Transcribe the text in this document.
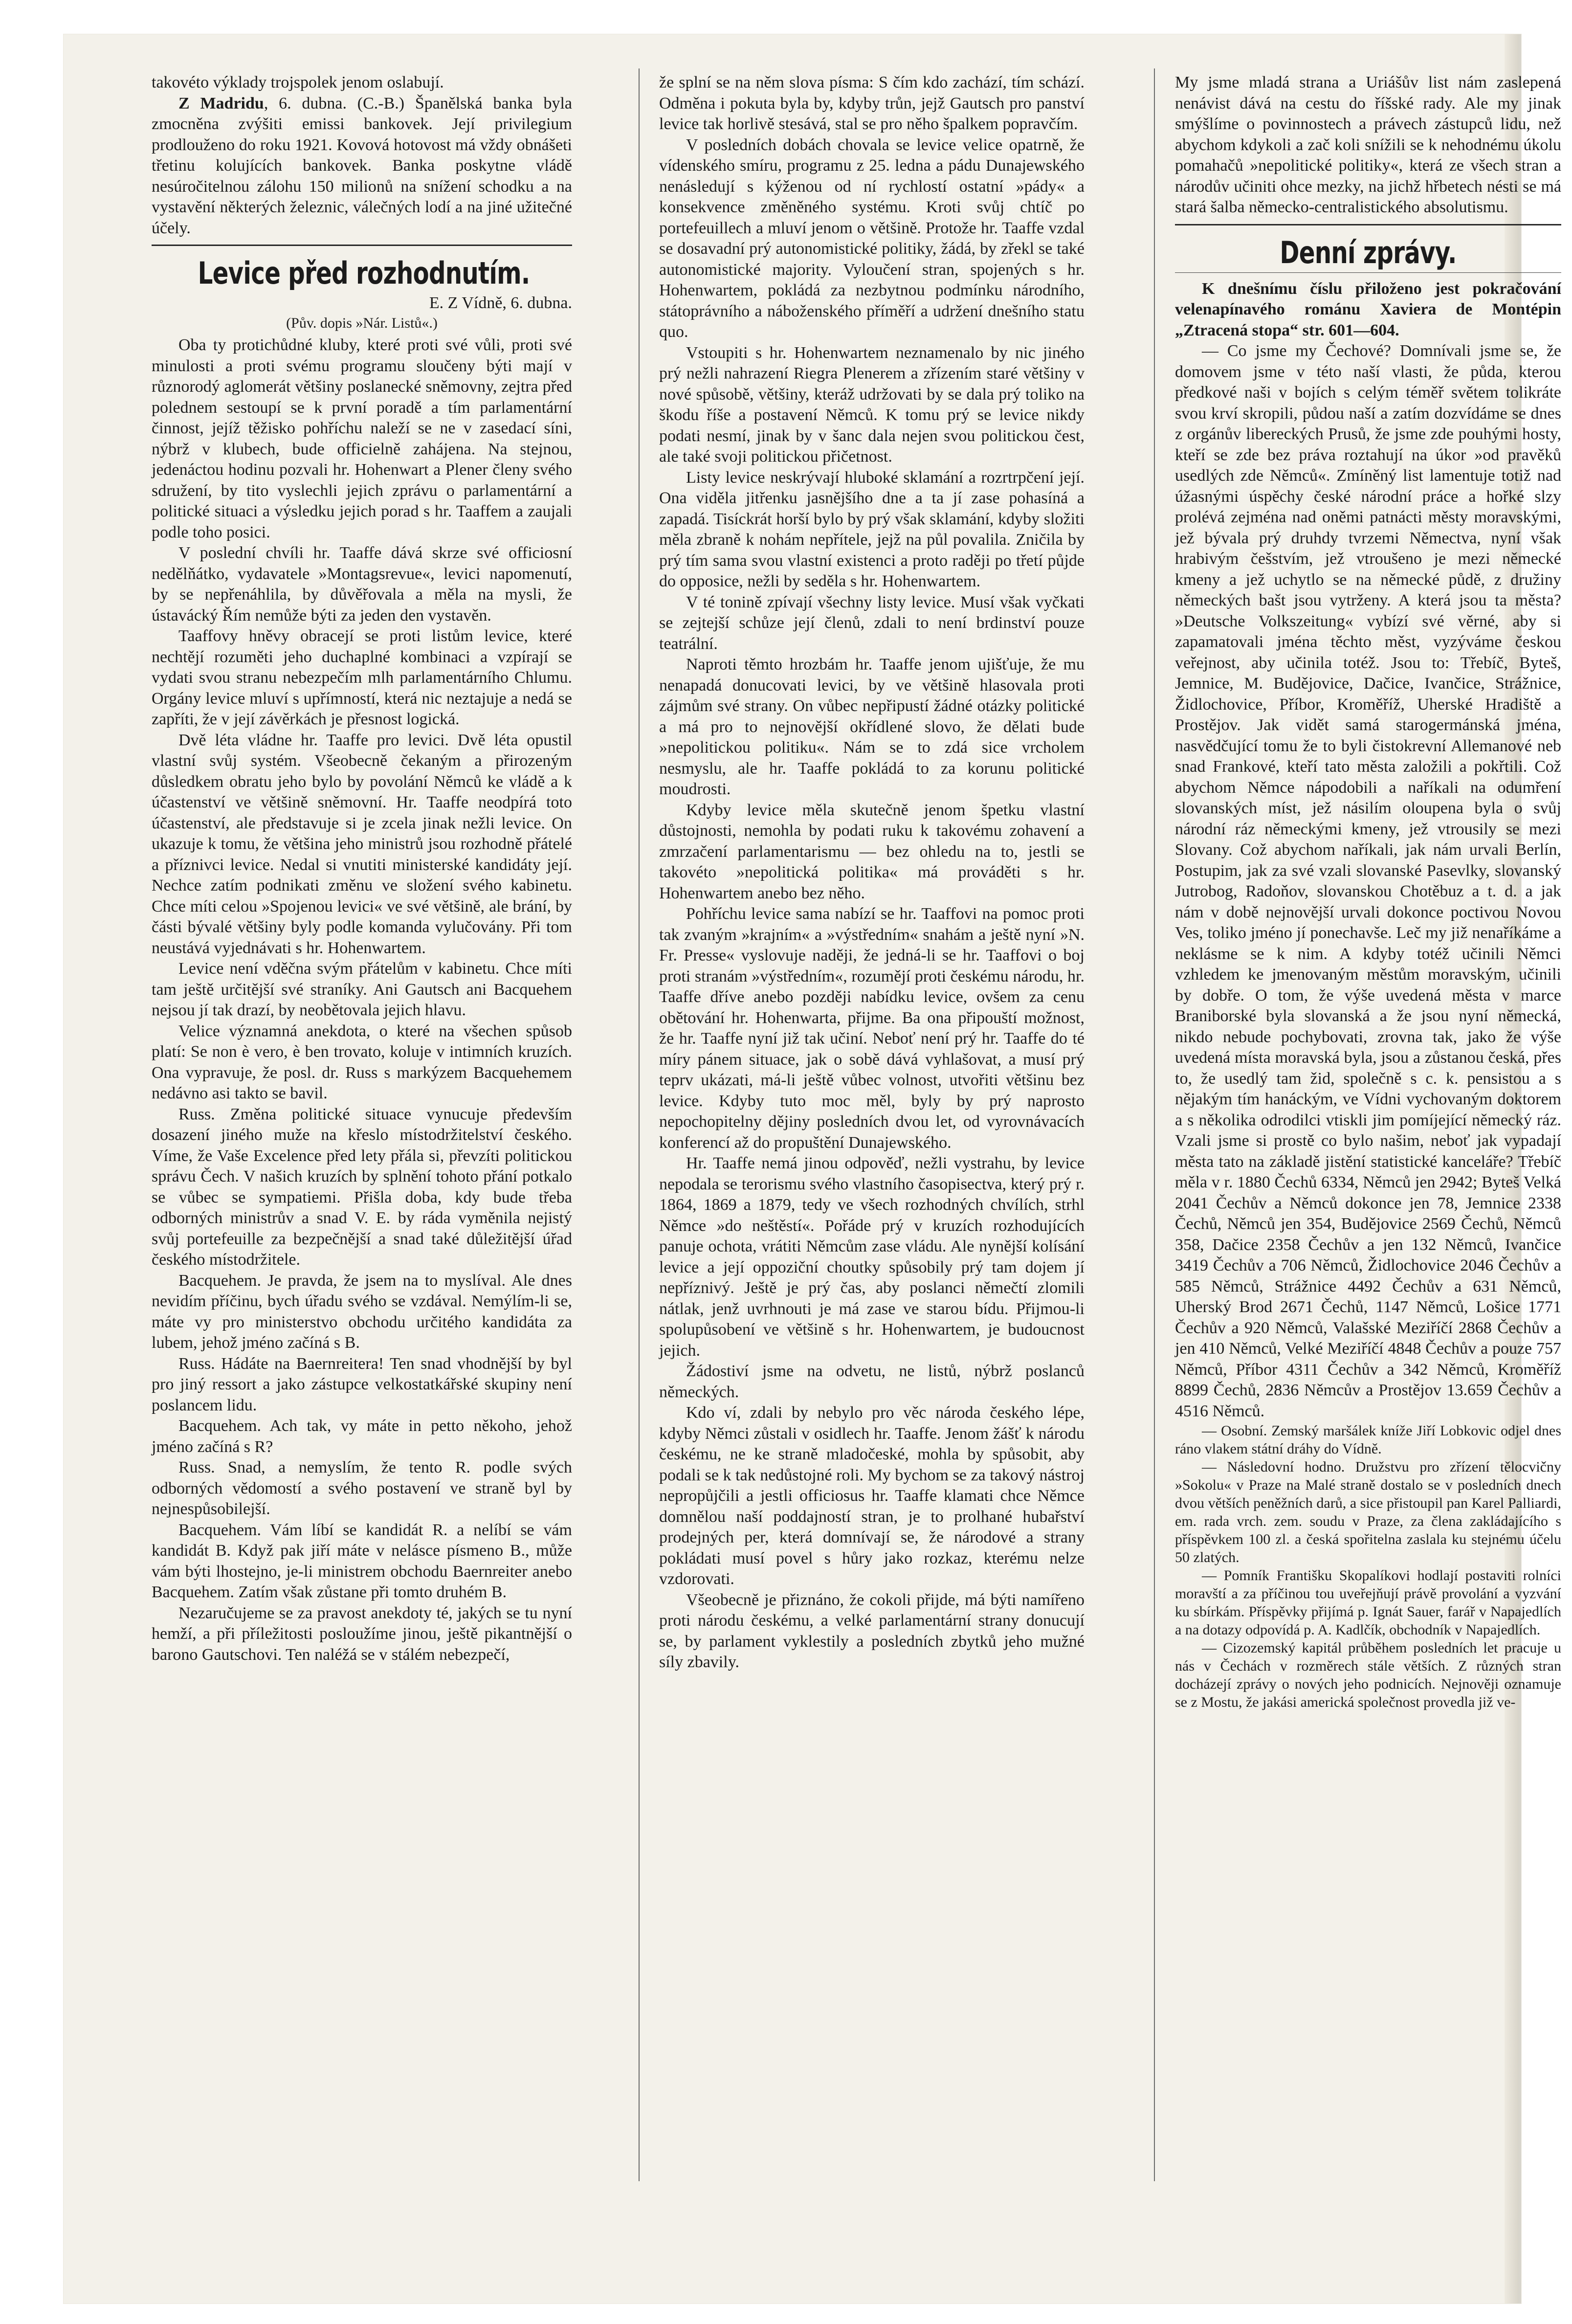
takovéto výklady trojspolek jenom oslabují.

Z Madridu, 6. dubna. (C.-B.) Španělská banka byla zmocněna zvýšiti emissi bankovek. Její privilegium prodlouženo do roku 1921. Kovová hotovost má vždy obnášeti třetinu kolujících bankovek. Banka poskytne vládě nesúročitelnou zálohu 150 milionů na snížení schodku a na vystavění některých železnic, válečných lodí a na jiné užitečné účely.

Levice před rozhodnutím.
E. Z Vídně, 6. dubna.
(Pův. dopis »Nár. Listů«.)

Oba ty protichůdné kluby, které proti své vůli, proti své minulosti a proti svému programu sloučeny býti mají v různorodý aglomerát většiny poslanecké sněmovny, zejtra před polednem sestoupí se k první poradě a tím parlamentární činnost, jejíž těžisko pohříchu naleží se ne v zasedací síni, nýbrž v klubech, bude officielně zahájena. Na stejnou, jedenáctou hodinu pozvali hr. Hohenwart a Plener členy svého sdružení, by tito vyslechli jejich zprávu o parlamentární a politické situaci a výsledku jejich porad s hr. Taaffem a zaujali podle toho posici.

V poslední chvíli hr. Taaffe dává skrze své officiosní nedělňátko, vydavatele »Montagsrevue«, levici napomenutí, by se nepřenáhlila, by důvěřovala a měla na mysli, že ústavácký Řím nemůže býti za jeden den vystavěn.

Taaffovy hněvy obracejí se proti listům levice, které nechtějí rozuměti jeho duchaplné kombinaci a vzpírají se vydati svou stranu nebezpečím mlh parlamentárního Chlumu. Orgány levice mluví s upřímností, která nic neztajuje a nedá se zapříti, že v její závěrkách je přesnost logická.

Dvě léta vládne hr. Taaffe pro levici. Dvě léta opustil vlastní svůj systém. Všeobecně čekaným a přirozeným důsledkem obratu jeho bylo by povolání Němců ke vládě a k účastenství ve většině sněmovní. Hr. Taaffe neodpírá toto účastenství, ale představuje si je zcela jinak nežli levice. On ukazuje k tomu, že většina jeho ministrů jsou rozhodně přátelé a příznivci levice. Nedal si vnutiti ministerské kandidáty její. Nechce zatím podnikati změnu ve složení svého kabinetu. Chce míti celou »Spojenou levici« ve své většině, ale brání, by části bývalé většiny byly podle komanda vylučovány. Při tom neustává vyjednávati s hr. Hohenwartem.

Levice není vděčna svým přátelům v kabinetu. Chce míti tam ještě určitější své straníky. Ani Gautsch ani Bacquehem nejsou jí tak drazí, by neobětovala jejich hlavu.

Velice významná anekdota, o které na všechen spůsob platí: Se non è vero, è ben trovato, koluje v intimních kruzích. Ona vypravuje, že posl. dr. Russ s markýzem Bacquehemem nedávno asi takto se bavil.

Russ. Změna politické situace vynucuje především dosazení jiného muže na křeslo místodržitelství českého. Víme, že Vaše Excelence před lety přála si, převzíti politickou správu Čech. V našich kruzích by splnění tohoto přání potkalo se vůbec se sympatiemi. Přišla doba, kdy bude třeba odborných ministrův a snad V. E. by ráda vyměnila nejistý svůj portefeuille za bezpečnější a snad také důležitější úřad českého místodržitele.

Bacquehem. Je pravda, že jsem na to myslíval. Ale dnes nevidím příčinu, bych úřadu svého se vzdával. Nemýlím-li se, máte vy pro ministerstvo obchodu určitého kandidáta za lubem, jehož jméno začíná s B.

Russ. Hádáte na Baernreitera! Ten snad vhodnější by byl pro jiný ressort a jako zástupce velkostatkářské skupiny není poslancem lidu.

Bacquehem. Ach tak, vy máte in petto někoho, jehož jméno začíná s R?

Russ. Snad, a nemyslím, že tento R. podle svých odborných vědomostí a svého postavení ve straně byl by nejnespůsobilejší.

Bacquehem. Vám líbí se kandidát R. a nelíbí se vám kandidát B. Když pak jiří máte v nelásce písmeno B., může vám býti lhostejno, je-li ministrem obchodu Baernreiter anebo Bacquehem. Zatím však zůstane při tomto druhém B.

Nezaručujeme se za pravost anekdoty té, jakých se tu nyní hemží, a při příležitosti posloužíme jinou, ještě pikantnější o barono Gautschovi. Ten naléžá se v stálém nebezpečí,

že splní se na něm slova písma: S čím kdo zachází, tím schází. Odměna i pokuta byla by, kdyby trůn, jejž Gautsch pro panství levice tak horlivě stesává, stal se pro něho špalkem popravčím.

V posledních dobách chovala se levice velice opatrně, že vídenského smíru, programu z 25. ledna a pádu Dunajewského nenásledují s kýženou od ní rychlostí ostatní »pády« a konsekvence změněného systému. Kroti svůj chtíč po portefeuillech a mluví jenom o většině. Protože hr. Taaffe vzdal se dosavadní prý autonomistické politiky, žádá, by zřekl se také autonomistické majority. Vyloučení stran, spojených s hr. Hohenwartem, pokládá za nezbytnou podmínku národního, státoprávního a náboženského příměří a udržení dnešního statu quo.

Vstoupiti s hr. Hohenwartem neznamenalo by nic jiného prý nežli nahrazení Riegra Plenerem a zřízením staré většiny v nové spůsobě, většiny, kteráž udržovati by se dala prý toliko na škodu říše a postavení Němců. K tomu prý se levice nikdy podati nesmí, jinak by v šanc dala nejen svou politickou čest, ale také svoji politickou přičetnost.

Listy levice neskrývají hluboké sklamání a rozrtrpčení její. Ona viděla jitřenku jasnějšího dne a ta jí zase pohasíná a zapadá. Tisíckrát horší bylo by prý však sklamání, kdyby složiti měla zbraně k nohám nepřítele, jejž na půl povalila. Zničila by prý tím sama svou vlastní existenci a proto raději po třetí půjde do opposice, nežli by seděla s hr. Hohenwartem.

V té tonině zpívají všechny listy levice. Musí však vyčkati se zejtejší schůze její členů, zdali to není brdinství pouze teatrální.

Naproti těmto hrozbám hr. Taaffe jenom ujišťuje, že mu nenapadá donucovati levici, by ve většině hlasovala proti zájmům své strany. On vůbec nepřipustí žádné otázky politické a má pro to nejnovější okřídlené slovo, že dělati bude »nepolitickou politiku«. Nám se to zdá sice vrcholem nesmyslu, ale hr. Taaffe pokládá to za korunu politické moudrosti.

Kdyby levice měla skutečně jenom špetku vlastní důstojnosti, nemohla by podati ruku k takovému zohavení a zmrzačení parlamentarismu — bez ohledu na to, jestli se takovéto »nepolitická politika« má prováděti s hr. Hohenwartem anebo bez něho.

Pohříchu levice sama nabízí se hr. Taaffovi na pomoc proti tak zvaným »krajním« a »výstředním« snahám a ještě nyní »N. Fr. Presse« vyslovuje naději, že jedná-li se hr. Taaffovi o boj proti stranám »výstředním«, rozumějí proti českému národu, hr. Taaffe dříve anebo později nabídku levice, ovšem za cenu obětování hr. Hohenwarta, přijme. Ba ona připouští možnost, že hr. Taaffe nyní již tak učiní. Neboť není prý hr. Taaffe do té míry pánem situace, jak o sobě dává vyhlašovat, a musí prý teprv ukázati, má-li ještě vůbec volnost, utvořiti většinu bez levice. Kdyby tuto moc měl, byly by prý naprosto nepochopitelny dějiny posledních dvou let, od vyrovnávacích konferencí až do propuštění Dunajewského.

Hr. Taaffe nemá jinou odpověď, nežli vystrahu, by levice nepodala se terorismu svého vlastního časopisectva, který prý r. 1864, 1869 a 1879, tedy ve všech rozhodných chvílích, strhl Němce »do neštěstí«. Pořáde prý v kruzích rozhodujících panuje ochota, vrátiti Němcům zase vládu. Ale nynější kolísání levice a její oppoziční choutky spůsobily prý tam dojem jí nepříznivý. Ještě je prý čas, aby poslanci němečtí zlomili nátlak, jenž uvrhnouti je má zase ve starou bídu. Přijmou-li spolupůsobení ve většině s hr. Hohenwartem, je budoucnost jejich.

Žádostiví jsme na odvetu, ne listů, nýbrž poslanců německých.

Kdo ví, zdali by nebylo pro věc národa českého lépe, kdyby Němci zůstali v osidlech hr. Taaffe. Jenom žášť k národu českému, ne ke straně mladočeské, mohla by spůsobit, aby podali se k tak nedůstojné roli. My bychom se za takový nástroj nepropůjčili a jestli officiosus hr. Taaffe klamati chce Němce domnělou naší poddajností stran, je to prolhané hubařství prodejných per, která domnívají se, že národové a strany pokládati musí povel s hůry jako rozkaz, kterému nelze vzdorovati.

Všeobecně je přiznáno, že cokoli přijde, má býti namířeno proti národu českému, a velké parlamentární strany donucují se, by parlament vyklestily a posledních zbytků jeho mužné síly zbavily.

My jsme mladá strana a Uriášův list nám zaslepená nenávist dává na cestu do říšské rady. Ale my jinak smýšlíme o povinnostech a právech zástupců lidu, než abychom kdykoli a zač koli snížili se k nehodnému úkolu pomahačů »nepolitické politiky«, která ze všech stran a národův učiniti ohce mezky, na jichž hřbetech nésti se má stará šalba německo-centralistického absolutismu.

Denní zprávy.

K dnešnímu číslu přiloženo jest pokračování velenapínavého románu Xaviera de Montépin „Ztracená stopa“ str. 601—604.

— Co jsme my Čechové? Domnívali jsme se, že domovem jsme v této naší vlasti, že půda, kterou předkové naši v bojích s celým téměř světem tolikráte svou krví skropili, půdou naší a zatím dozvídáme se dnes z orgánův libereckých Prusů, že jsme zde pouhými hosty, kteří se zde bez práva roztahují na úkor »od pravěků usedlých zde Němců«. Zmíněný list lamentuje totiž nad úžasnými úspěchy české národní práce a hořké slzy prolévá zejména nad oněmi patnácti městy moravskými, jež bývala prý druhdy tvrzemi Němectva, nyní však hrabivým češstvím, jež vtroušeno je mezi německé kmeny a jež uchytlo se na německé půdě, z družiny německých bašt jsou vytrženy. A která jsou ta města? »Deutsche Volkszeitung« vybízí své věrné, aby si zapamatovali jména těchto měst, vyzýváme českou veřejnost, aby učinila totéž. Jsou to: Třebíč, Byteš, Jemnice, M. Budějovice, Dačice, Ivančice, Strážnice, Židlochovice, Příbor, Kroměříž, Uherské Hradiště a Prostějov. Jak vidět samá starogermánská jména, nasvědčující tomu že to byli čistokrevní Allemanové neb snad Frankové, kteří tato města založili a pokřtili. Což abychom Němce nápodobili a naříkali na odumření slovanských míst, jež násilím oloupena byla o svůj národní ráz německými kmeny, jež vtrousily se mezi Slovany. Což abychom naříkali, jak nám urvali Berlín, Postupim, jak za své vzali slovanské Pasevlky, slovanský Jutrobog, Radoňov, slovanskou Chotěbuz a t. d. a jak nám v době nejnovější urvali dokonce poctivou Novou Ves, toliko jméno jí ponechavše. Leč my již nenaříkáme a neklásme se k nim. A kdyby totéž učinili Němci vzhledem ke jmenovaným městům moravským, učinili by dobře. O tom, že výše uvedená města v marce Braniborské byla slovanská a že jsou nyní německá, nikdo nebude pochybovati, zrovna tak, jako že výše uvedená místa moravská byla, jsou a zůstanou česká, přes to, že usedlý tam žid, společně s c. k. pensistou a s nějakým tím hanáckým, ve Vídni vychovaným doktorem a s několika odrodilci vtiskli jim pomíjející německý ráz. Vzali jsme si prostě co bylo našim, neboť jak vypadají města tato na základě jistění statistické kanceláře? Třebíč měla v r. 1880 Čechů 6334, Němců jen 2942; Bytеš Velká 2041 Čechův a Němců dokonce jen 78, Jemnice 2338 Čechů, Němců jen 354, Budějovice 2569 Čechů, Němců 358, Dačice 2358 Čechův a jen 132 Němců, Ivančice 3419 Čechův a 706 Němců, Židlochovice 2046 Čechův a 585 Němců, Strážnice 4492 Čechův a 631 Němců, Uherský Brod 2671 Čechů, 1147 Němců, Lošice 1771 Čechův a 920 Němců, Valašské Meziříčí 2868 Čechův a jen 410 Němců, Velké Meziříčí 4848 Čechův a pouze 757 Němců, Příbor 4311 Čechův a 342 Němců, Kroměříž 8899 Čechů, 2836 Němcův a Prostějov 13.659 Čechův a 4516 Němců.

— Osobní. Zemský maršálek kníže Jiří Lobkovic odjel dnes ráno vlakem státní dráhy do Vídně.

— Následovní hodno. Družstvu pro zřízení tělocvičny »Sokolu« v Praze na Malé straně dostalo se v posledních dnech dvou větších peněžních darů, a sice přistoupil pan Karel Palliardi, em. rada vrch. zem. soudu v Praze, za člena zakládajícího s příspěvkem 100 zl. a česká spořitelna zaslala ku stejnému účelu 50 zlatých.

— Pomník Františku Skopalíkovi hodlají postaviti rolníci moravští a za příčinou tou uveřejňují právě provolání a vyzvání ku sbírkám. Příspěvky přijímá p. Ignát Sauer, farář v Napajedlích a na dotazy odpovídá p. A. Kadlčík, obchodník v Napajedlích.

— Cizozemský kapitál průběhem posledních let pracuje u nás v Čechách v rozměrech stále větších. Z různých stran docházejí zprávy o nových jeho podnicích. Nejnověji oznamuje se z Mostu, že jakási americká společnost provedla již ve-
